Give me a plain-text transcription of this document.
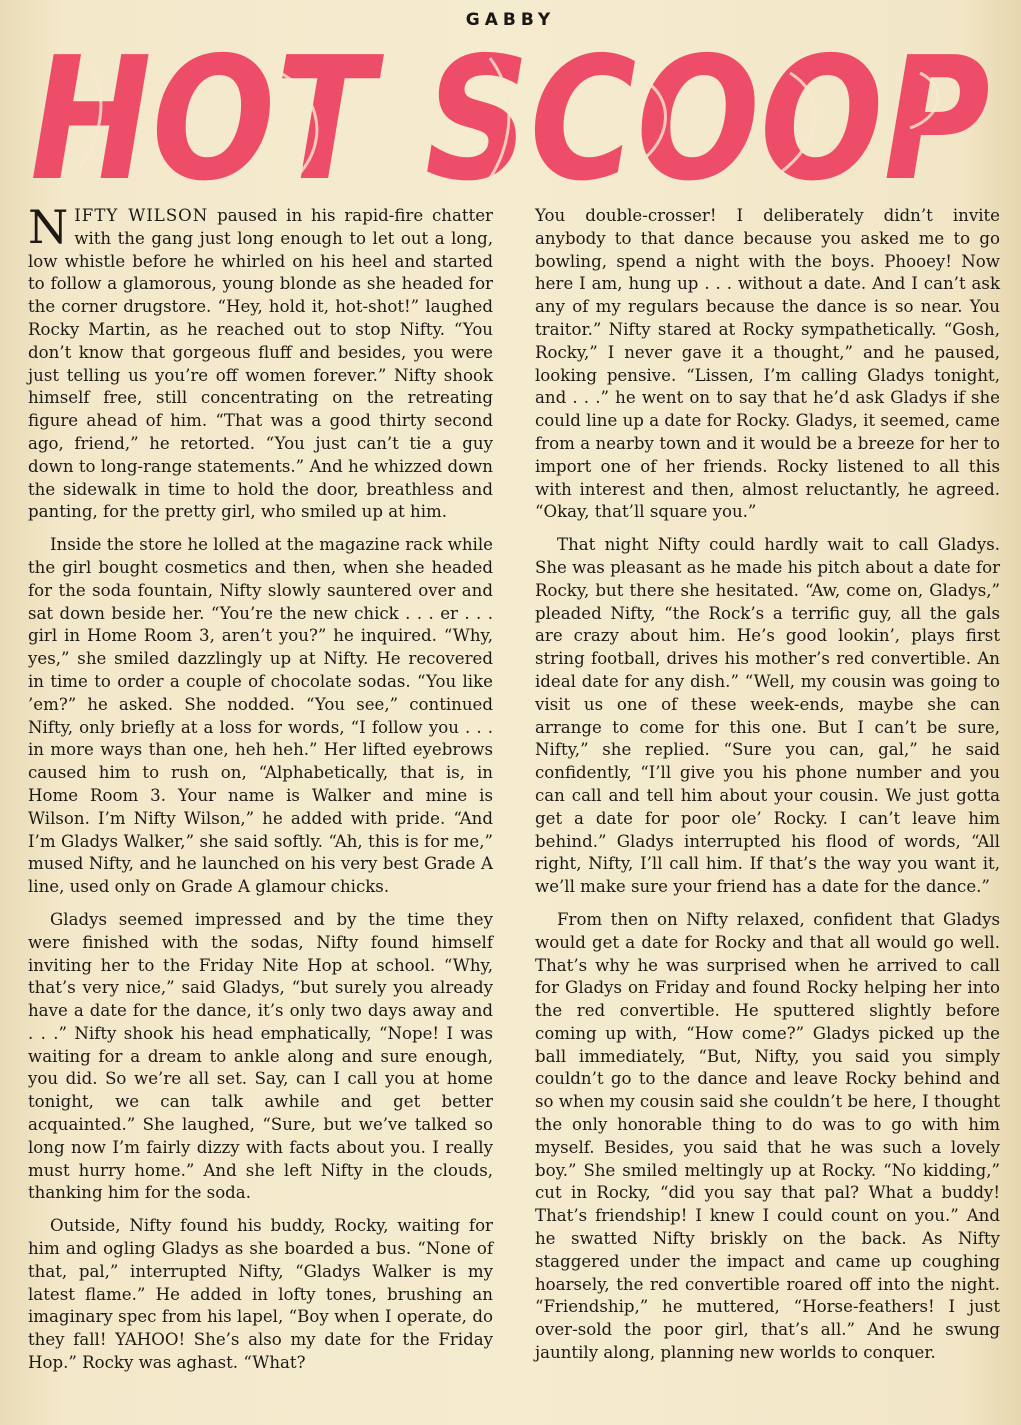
GABBY
HOT SCOOP

NIFTY WILSON paused in his rapid-fire chatter with the gang just long enough to let out a long, low whistle before he whirled on his heel and started to follow a glamorous, young blonde as she headed for the corner drugstore. “Hey, hold it, hot-shot!” laughed Rocky Martin, as he reached out to stop Nifty. “You don’t know that gorgeous fluff and besides, you were just telling us you’re off women forever.” Nifty shook himself free, still concentrating on the retreating figure ahead of him. “That was a good thirty second ago, friend,” he retorted. “You just can’t tie a guy down to long-range statements.” And he whizzed down the sidewalk in time to hold the door, breathless and panting, for the pretty girl, who smiled up at him.

Inside the store he lolled at the magazine rack while the girl bought cosmetics and then, when she headed for the soda fountain, Nifty slowly sauntered over and sat down beside her. “You’re the new chick . . . er . . . girl in Home Room 3, aren’t you?” he inquired. “Why, yes,” she smiled dazzlingly up at Nifty. He recovered in time to order a couple of chocolate sodas. “You like ’em?” he asked. She nodded. “You see,” continued Nifty, only briefly at a loss for words, “I follow you . . . in more ways than one, heh heh.” Her lifted eyebrows caused him to rush on, “Alphabetically, that is, in Home Room 3. Your name is Walker and mine is Wilson. I’m Nifty Wilson,” he added with pride. “And I’m Gladys Walker,” she said softly. “Ah, this is for me,” mused Nifty, and he launched on his very best Grade A line, used only on Grade A glamour chicks.

Gladys seemed impressed and by the time they were finished with the sodas, Nifty found himself inviting her to the Friday Nite Hop at school. “Why, that’s very nice,” said Gladys, “but surely you already have a date for the dance, it’s only two days away and . . .” Nifty shook his head emphatically, “Nope! I was waiting for a dream to ankle along and sure enough, you did. So we’re all set. Say, can I call you at home tonight, we can talk awhile and get better acquainted.” She laughed, “Sure, but we’ve talked so long now I’m fairly dizzy with facts about you. I really must hurry home.” And she left Nifty in the clouds, thanking him for the soda.

Outside, Nifty found his buddy, Rocky, waiting for him and ogling Gladys as she boarded a bus. “None of that, pal,” interrupted Nifty, “Gladys Walker is my latest flame.” He added in lofty tones, brushing an imaginary spec from his lapel, “Boy when I operate, do they fall! YAHOO! She’s also my date for the Friday Hop.” Rocky was aghast. “What?

You double-crosser! I deliberately didn’t invite anybody to that dance because you asked me to go bowling, spend a night with the boys. Phooey! Now here I am, hung up . . . without a date. And I can’t ask any of my regulars because the dance is so near. You traitor.” Nifty stared at Rocky sympathetically. “Gosh, Rocky,” I never gave it a thought,” and he paused, looking pensive. “Lissen, I’m calling Gladys tonight, and . . .” he went on to say that he’d ask Gladys if she could line up a date for Rocky. Gladys, it seemed, came from a nearby town and it would be a breeze for her to import one of her friends. Rocky listened to all this with interest and then, almost reluctantly, he agreed. “Okay, that’ll square you.”

That night Nifty could hardly wait to call Gladys. She was pleasant as he made his pitch about a date for Rocky, but there she hesitated. “Aw, come on, Gladys,” pleaded Nifty, “the Rock’s a terrific guy, all the gals are crazy about him. He’s good lookin’, plays first string football, drives his mother’s red convertible. An ideal date for any dish.” “Well, my cousin was going to visit us one of these week-ends, maybe she can arrange to come for this one. But I can’t be sure, Nifty,” she replied. “Sure you can, gal,” he said confidently, “I’ll give you his phone number and you can call and tell him about your cousin. We just gotta get a date for poor ole’ Rocky. I can’t leave him behind.” Gladys interrupted his flood of words, “All right, Nifty, I’ll call him. If that’s the way you want it, we’ll make sure your friend has a date for the dance.”

From then on Nifty relaxed, confident that Gladys would get a date for Rocky and that all would go well. That’s why he was surprised when he arrived to call for Gladys on Friday and found Rocky helping her into the red convertible. He sputtered slightly before coming up with, “How come?” Gladys picked up the ball immediately, “But, Nifty, you said you simply couldn’t go to the dance and leave Rocky behind and so when my cousin said she couldn’t be here, I thought the only honorable thing to do was to go with him myself. Besides, you said that he was such a lovely boy.” She smiled meltingly up at Rocky. “No kidding,” cut in Rocky, “did you say that pal? What a buddy! That’s friendship! I knew I could count on you.” And he swatted Nifty briskly on the back. As Nifty staggered under the impact and came up coughing hoarsely, the red convertible roared off into the night. “Friendship,” he muttered, “Horse-feathers! I just over-sold the poor girl, that’s all.” And he swung jauntily along, planning new worlds to conquer.
